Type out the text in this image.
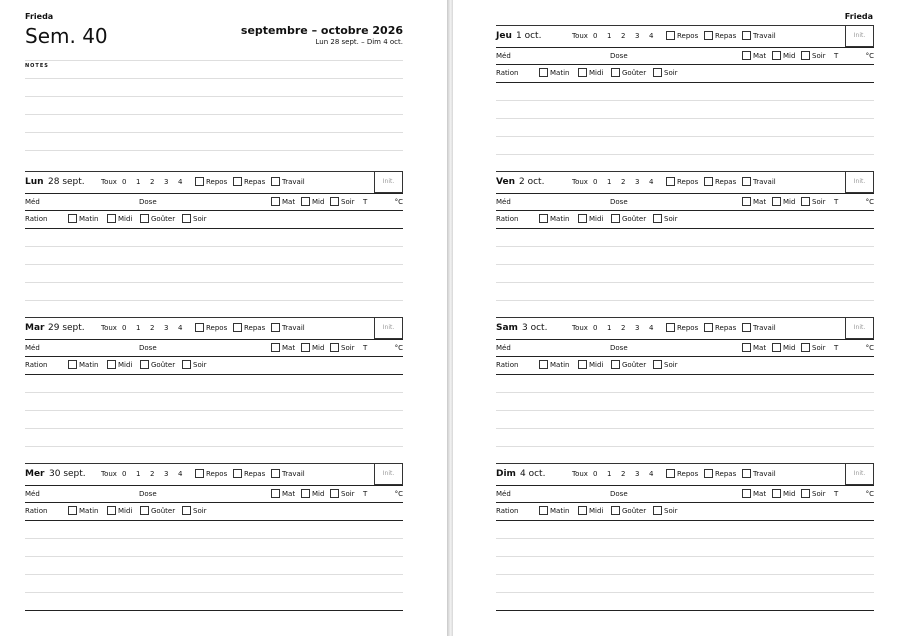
Frieda
Sem. 40	septembre – octobre 2026
Lun 28 sept. – Dim 4 oct.
NOTES
Lun 28 sept. Toux 0	1	2	3	4	Repos Repas Travail	Init.
Méd	Dose	Mat Mid Soir T	°C
Ration	Matin	Midi	Goûter	Soir
Mar 29 sept. Toux 0	1	2	3	4	Repos Repas Travail	Init.
Méd	Dose	Mat Mid Soir T	°C
Ration	Matin	Midi	Goûter	Soir
Mer 30 sept. Toux 0	1	2	3	4	Repos Repas Travail	Init.
Méd	Dose	Mat Mid Soir T	°C
Ration	Matin	Midi	Goûter	Soir
Frieda
Jeu 1 oct.	Toux 0	1	2	3	4	Repos Repas Travail	Init.
Méd	Dose	Mat Mid Soir T	°C
Ration	Matin	Midi	Goûter	Soir
Ven 2 oct.	Toux 0	1	2	3	4	Repos Repas Travail	Init.
Méd	Dose	Mat Mid Soir T	°C
Ration	Matin	Midi	Goûter	Soir
Sam 3 oct.	Toux 0	1	2	3	4	Repos Repas Travail	Init.
Méd	Dose	Mat Mid Soir T	°C
Ration	Matin	Midi	Goûter	Soir
Dim 4 oct.	Toux 0	1	2	3	4	Repos Repas Travail	Init.
Méd	Dose	Mat Mid Soir T	°C
Ration	Matin	Midi	Goûter	Soir
